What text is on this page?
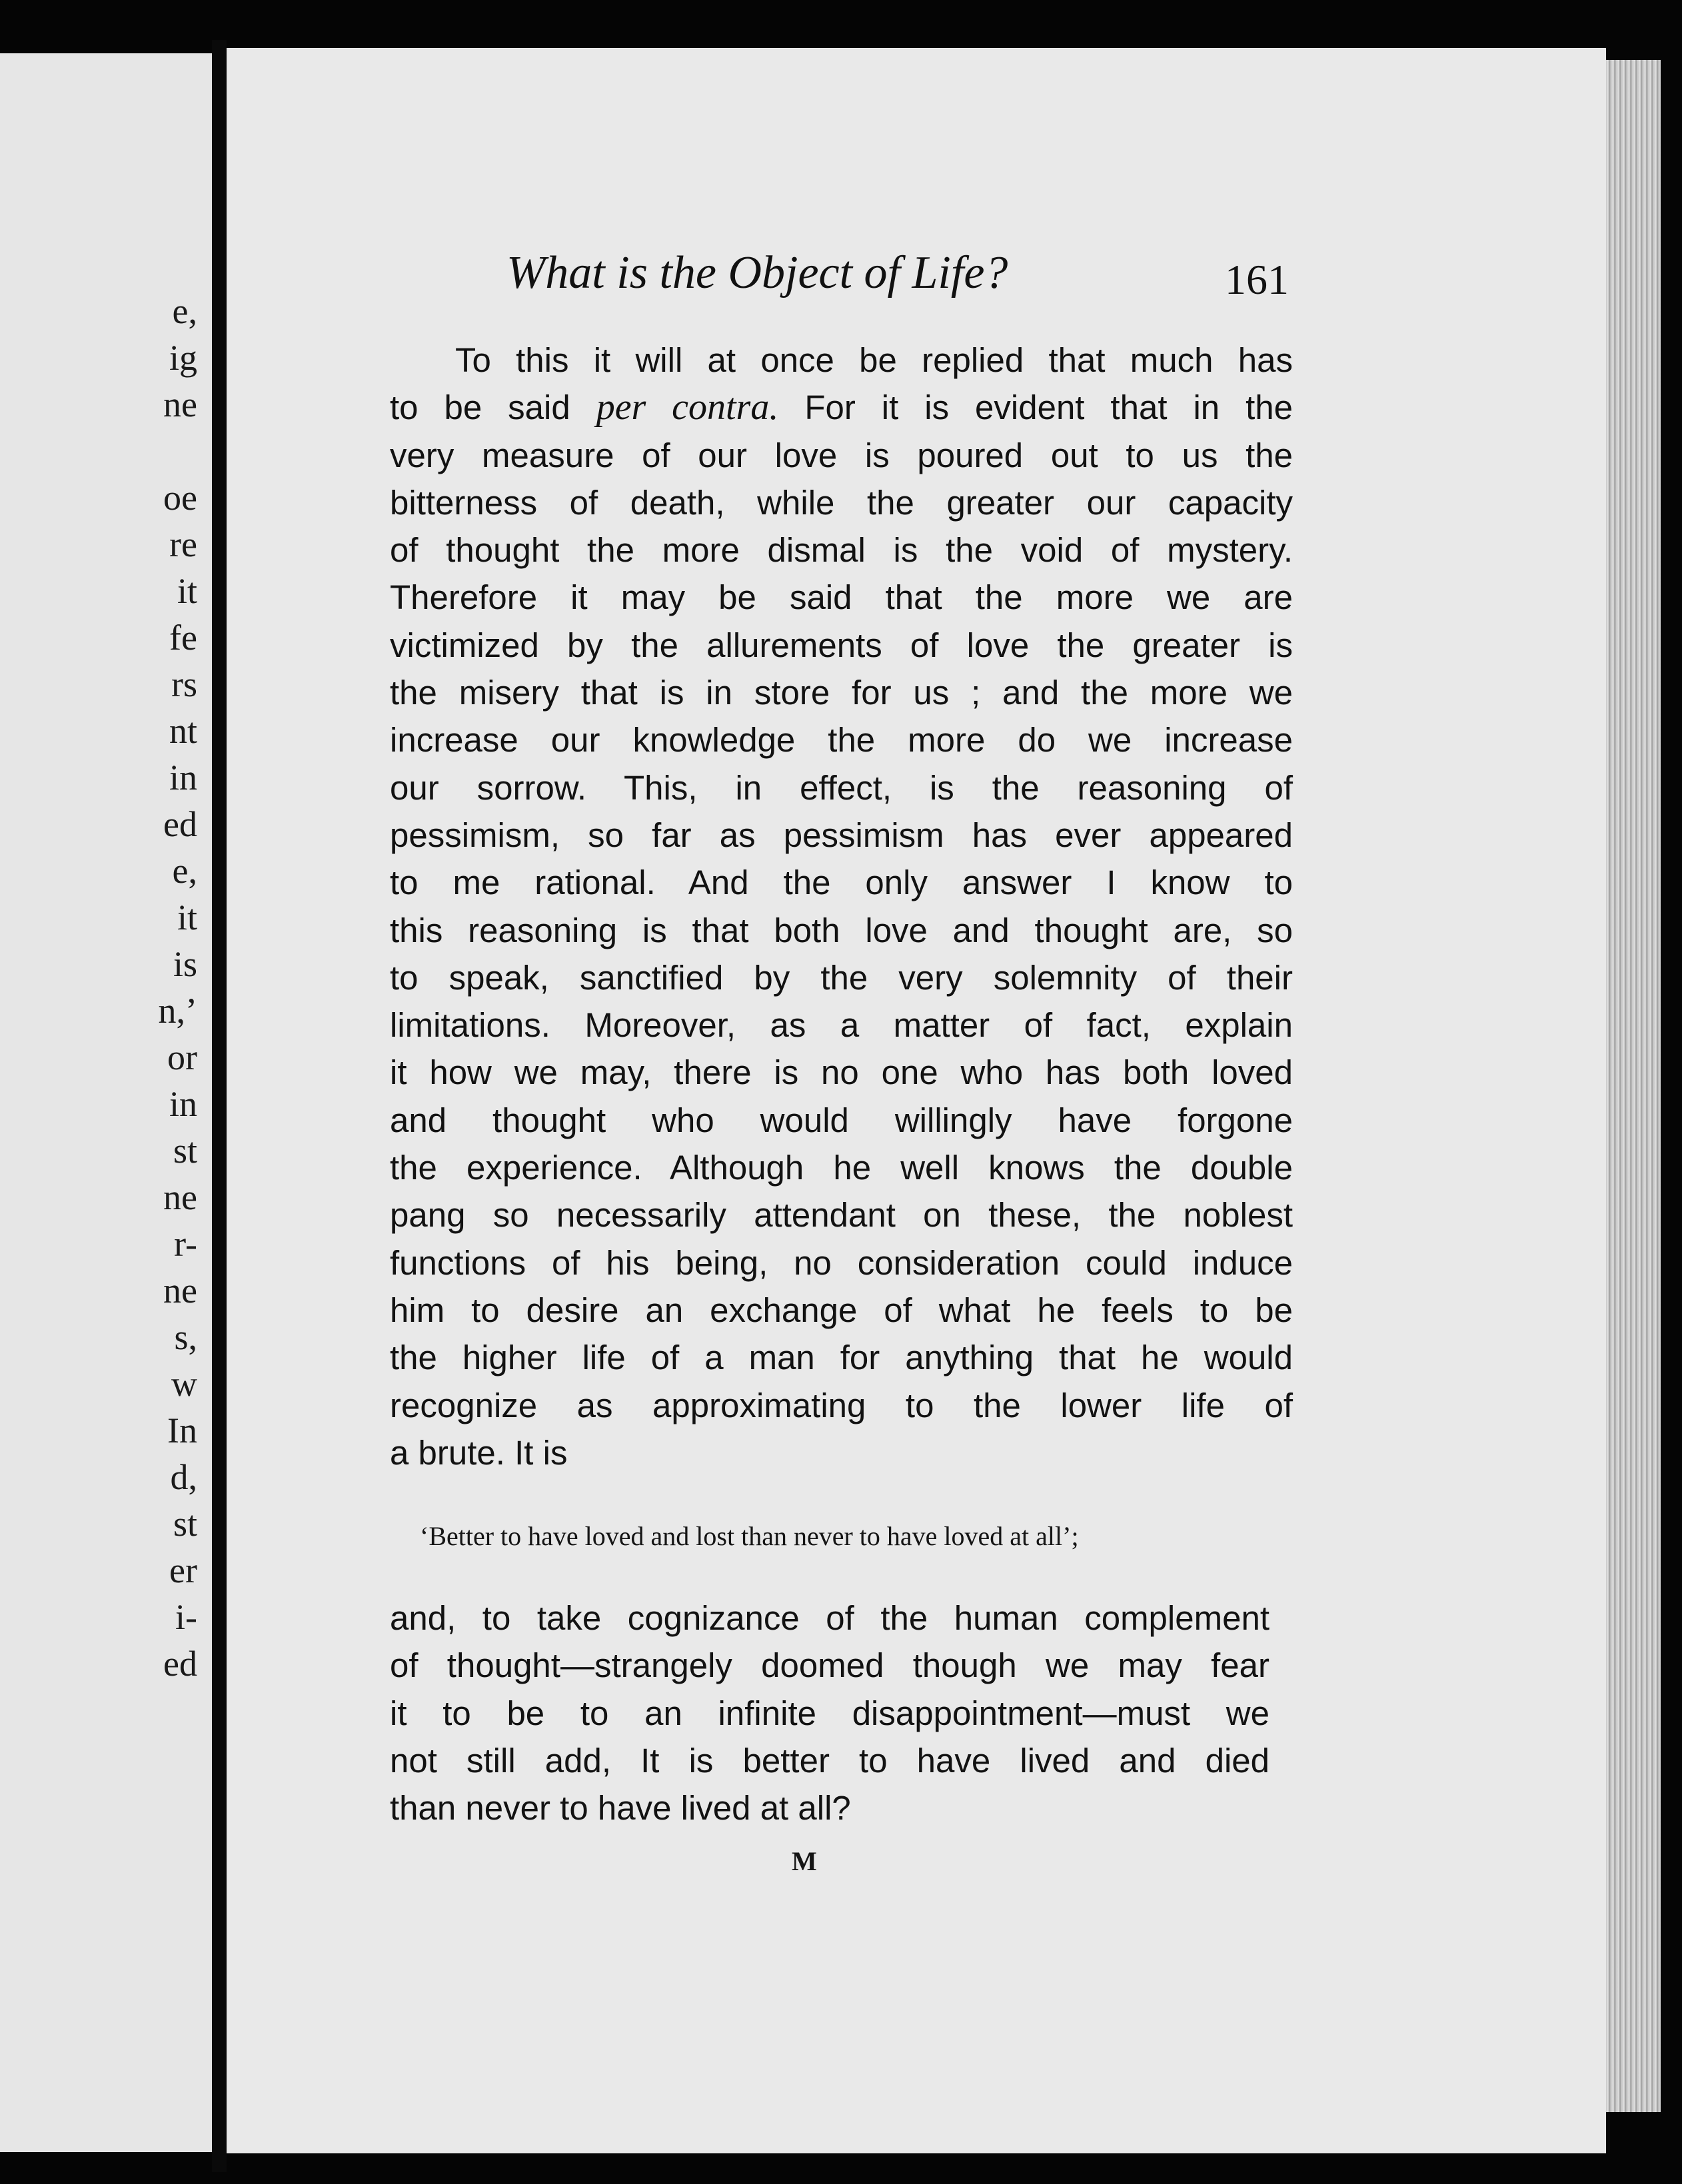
e,
ig
ne
oe
re
it
fe
rs
nt
in
ed
e,
it
is
n,’
or
in
st
ne
r-
ne
s,
w
In
d,
st
er
i-
ed
What is the Object of Life?	161
To this it will at once be replied that much has
to be said per contra. For it is evident that in the
very measure of our love is poured out to us the
bitterness of death, while the greater our capacity
of thought the more dismal is the void of mystery.
Therefore it may be said that the more we are
victimized by the allurements of love the greater is
the misery that is in store for us ; and the more we
increase our knowledge the more do we increase
our sorrow. This, in effect, is the reasoning of
pessimism, so far as pessimism has ever appeared
to me rational. And the only answer I know to
this reasoning is that both love and thought are, so
to speak, sanctified by the very solemnity of their
limitations. Moreover, as a matter of fact, explain
it how we may, there is no one who has both loved
and thought who would willingly have forgone
the experience. Although he well knows the double
pang so necessarily attendant on these, the noblest
functions of his being, no consideration could induce
him to desire an exchange of what he feels to be
the higher life of a man for anything that he would
recognize as approximating to the lower life of
a brute. It is
‘Better to have loved and lost than never to have loved at all’;
and, to take cognizance of the human complement
of thought—strangely doomed though we may fear
it to be to an infinite disappointment—must we
not still add, It is better to have lived and died
than never to have lived at all?
M
